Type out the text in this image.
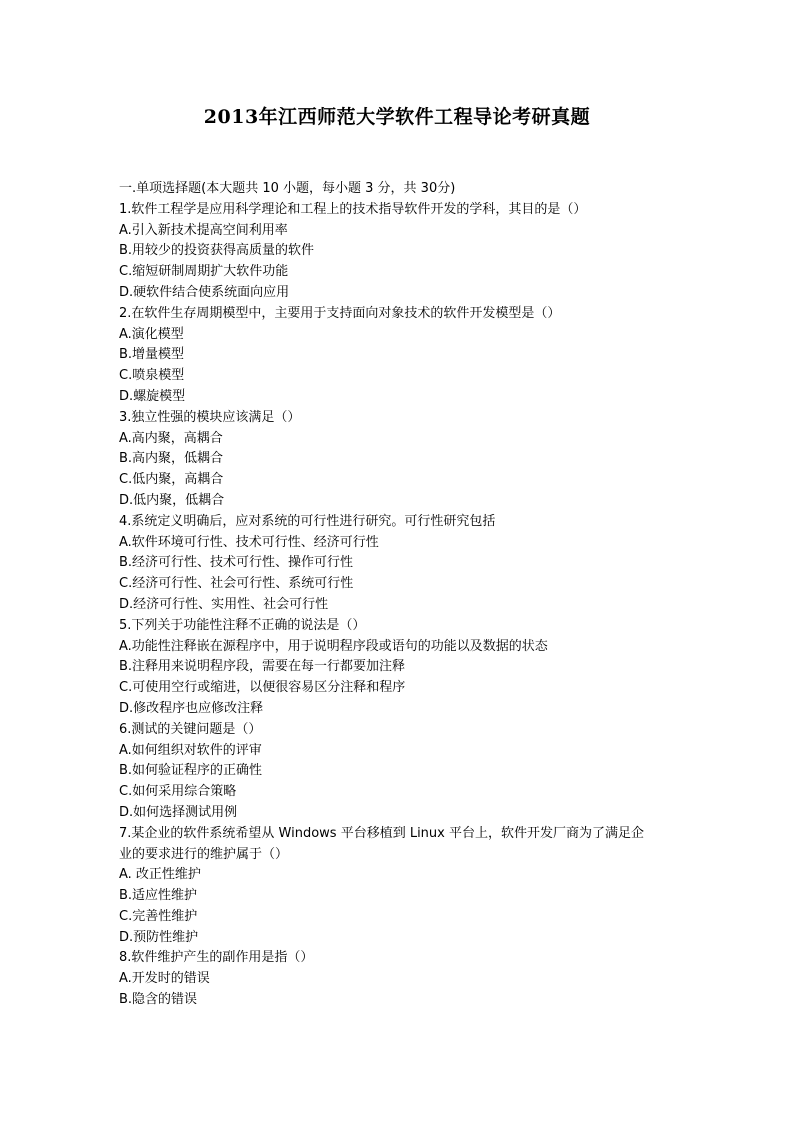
2013年江西师范大学软件工程导论考研真题
一.单项选择题(本大题共 10 小题，每小题 3 分，共 30分)
1.软件工程学是应用科学理论和工程上的技术指导软件开发的学科，其目的是（）
A.引入新技术提高空间利用率
B.用较少的投资获得高质量的软件
C.缩短研制周期扩大软件功能
D.硬软件结合使系统面向应用
2.在软件生存周期模型中，主要用于支持面向对象技术的软件开发模型是（）
A.演化模型
B.增量模型
C.喷泉模型
D.螺旋模型
3.独立性强的模块应该满足（）
A.高内聚，高耦合
B.高内聚，低耦合
C.低内聚，高耦合
D.低内聚，低耦合
4.系统定义明确后，应对系统的可行性进行研究。可行性研究包括
A.软件环境可行性、技术可行性、经济可行性
B.经济可行性、技术可行性、操作可行性
C.经济可行性、社会可行性、系统可行性
D.经济可行性、实用性、社会可行性
5.下列关于功能性注释不正确的说法是（）
A.功能性注释嵌在源程序中，用于说明程序段或语句的功能以及数据的状态
B.注释用来说明程序段，需要在每一行都要加注释
C.可使用空行或缩进，以便很容易区分注释和程序
D.修改程序也应修改注释
6.测试的关键问题是（）
A.如何组织对软件的评审
B.如何验证程序的正确性
C.如何采用综合策略
D.如何选择测试用例
7.某企业的软件系统希望从 Windows 平台移植到 Linux 平台上，软件开发厂商为了满足企
业的要求进行的维护属于（）
A. 改正性维护
B.适应性维护
C.完善性维护
D.预防性维护
8.软件维护产生的副作用是指（）
A.开发时的错误
B.隐含的错误
